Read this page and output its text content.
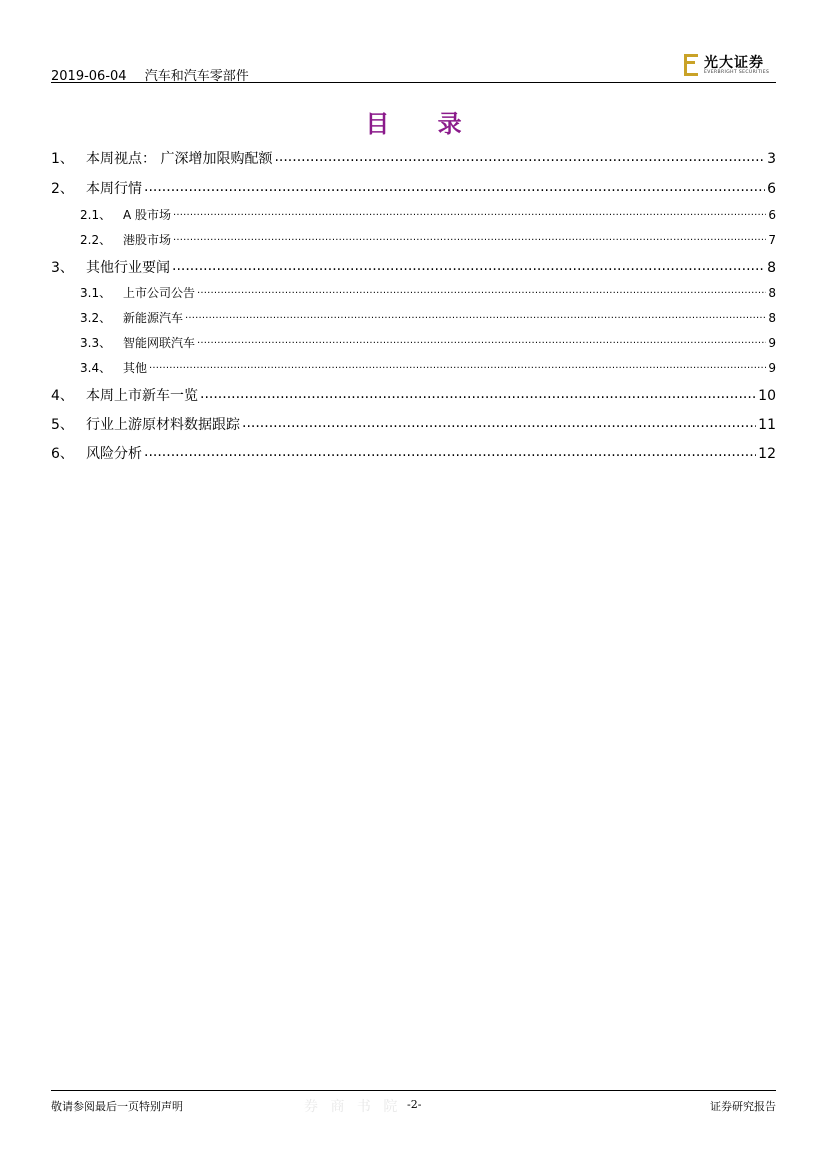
2019-06-04 汽车和汽车零部件
光大证券
EVERBRIGHT SECURITIES
目 录
1、 本周视点： 广深增加限购配额 .....	3
2、 本周行情 .....	6
2.1、 A 股市场 .....	6
2.2、 港股市场 .....	7
3、 其他行业要闻 .....	8
3.1、 上市公司公告 .....	8
3.2、 新能源汽车 .....	8
3.3、 智能网联汽车 .....	9
3.4、 其他 .....	9
4、 本周上市新车一览 .....	10
5、 行业上游原材料数据跟踪 .....	11
6、 风险分析 .....	12
敬请参阅最后一页特别声明	券 商 书 院 -2-	证券研究报告
